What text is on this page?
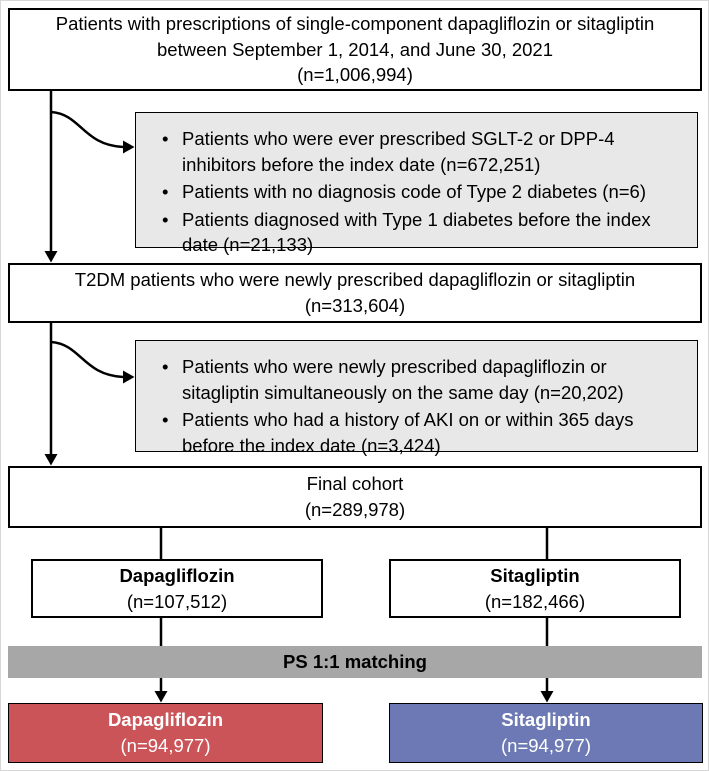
Patients with prescriptions of single-component dapagliflozin or sitagliptin
between September 1, 2014, and June 30, 2021
(n=1,006,994)
• Patients who were ever prescribed SGLT-2 or DPP-4 inhibitors before the index date (n=672,251)
• Patients with no diagnosis code of Type 2 diabetes (n=6)
• Patients diagnosed with Type 1 diabetes before the index date (n=21,133)
T2DM patients who were newly prescribed dapagliflozin or sitagliptin
(n=313,604)
• Patients who were newly prescribed dapagliflozin or sitagliptin simultaneously on the same day (n=20,202)
• Patients who had a history of AKI on or within 365 days before the index date (n=3,424)
Final cohort
(n=289,978)
Dapagliflozin
(n=107,512)
Sitagliptin
(n=182,466)
PS 1:1 matching
Dapagliflozin
(n=94,977)
Sitagliptin
(n=94,977)
